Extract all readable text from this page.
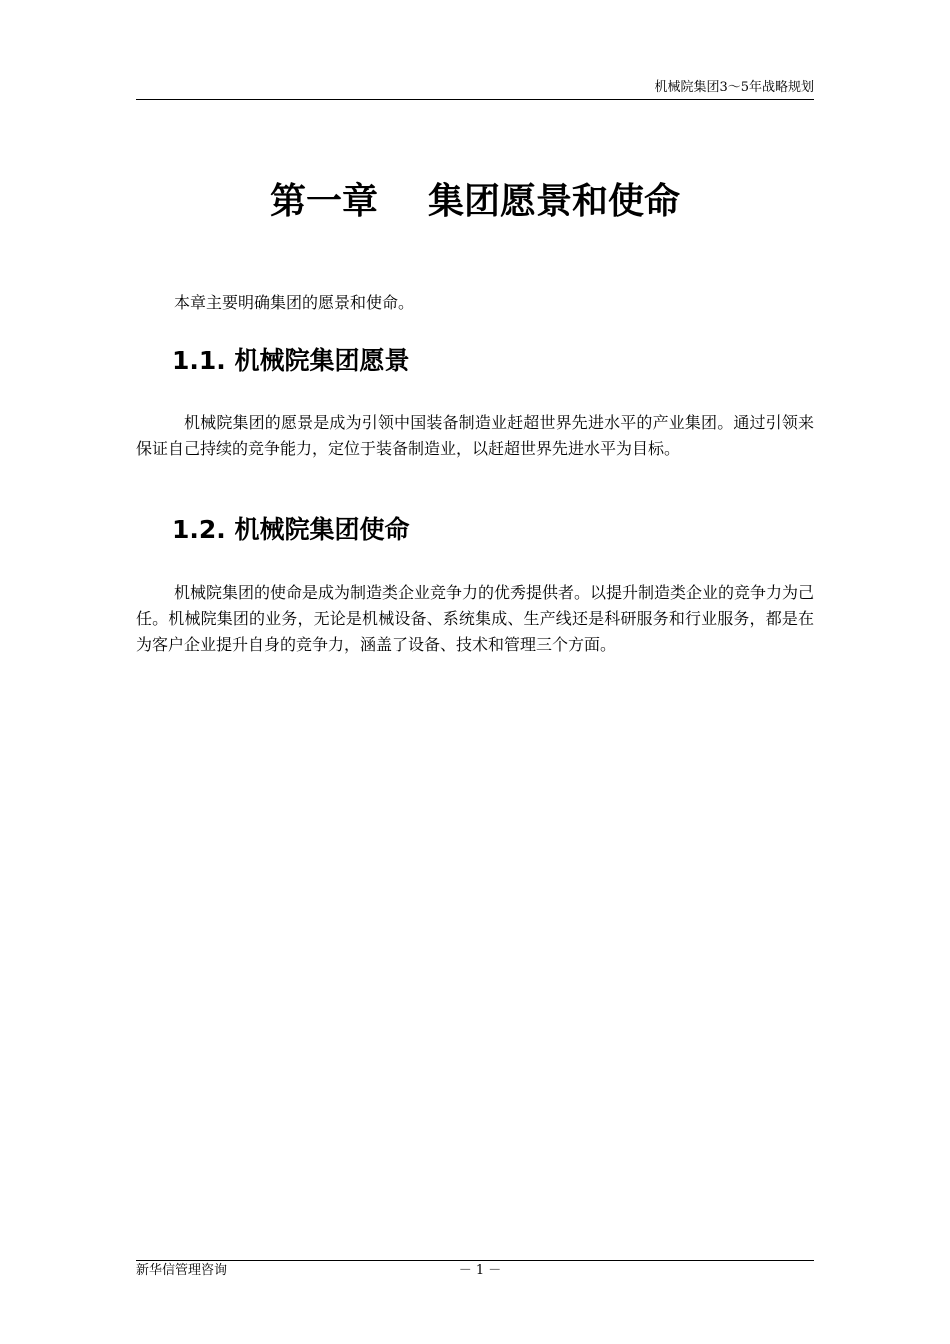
机械院集团3～5年战略规划
第一章 集团愿景和使命
本章主要明确集团的愿景和使命。
1.1. 机械院集团愿景
机械院集团的愿景是成为引领中国装备制造业赶超世界先进水平的产业集团。通过引领来保证自己持续的竞争能力，定位于装备制造业，以赶超世界先进水平为目标。
1.2. 机械院集团使命
机械院集团的使命是成为制造类企业竞争力的优秀提供者。以提升制造类企业的竞争力为己任。机械院集团的业务，无论是机械设备、系统集成、生产线还是科研服务和行业服务，都是在为客户企业提升自身的竞争力，涵盖了设备、技术和管理三个方面。
新华信管理咨询	－ 1 －
